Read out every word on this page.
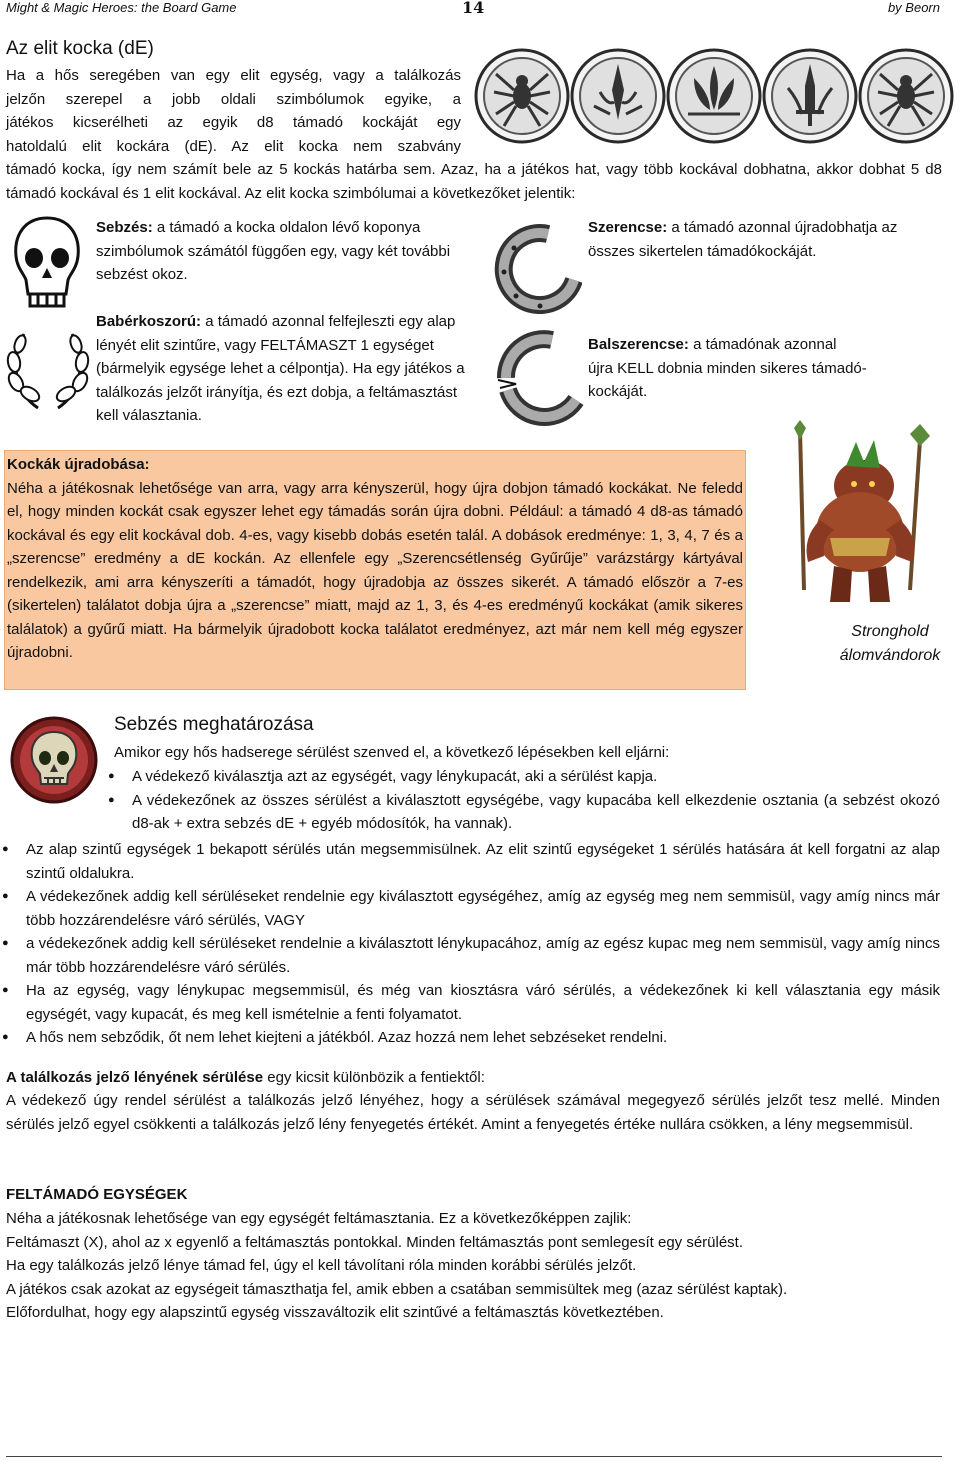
Might & Magic Heroes: the Board Game	14	by Beorn
Az elit kocka (dE)
Ha a hős seregében van egy elit egység, vagy a találkozás
jelzőn szerepel a jobb oldali szimbólumok egyike, a
játékos kicserélheti az egyik d8 támadó kockáját egy
hatoldalú elit kockára (dE). Az elit kocka nem szabvány
támadó kocka, így nem számít bele az 5 kockás határba sem. Azaz, ha a játékos hat, vagy több kockával dobhatna, akkor dobhat 5 d8 támadó kockával és 1 elit kockával. Az elit kocka szimbólumai a következőket jelentik:
Sebzés: a támadó a kocka oldalon lévő koponya szimbólumok számától függően egy, vagy két további sebzést okoz.
Szerencse: a támadó azonnal újradobhatja az összes sikertelen támadókockáját.
Babérkoszorú: a támadó azonnal felfejleszti egy alap lényét elit szintűre, vagy FELTÁMASZT 1 egységet (bármelyik egysége lehet a célpontja). Ha egy játékos a találkozás jelzőt irányítja, és ezt dobja, a feltámasztást kell választania.
Balszerencse: a támadónak azonnal
újra KELL dobnia minden sikeres támadó-
kockáját.
Kockák újradobása:
Néha a játékosnak lehetősége van arra, vagy arra kényszerül, hogy újra dobjon támadó kockákat. Ne feledd el, hogy minden kockát csak egyszer lehet egy támadás során újra dobni. Például: a támadó 4 d8-as támadó kockával és egy elit kockával dob. 4-es, vagy kisebb dobás esetén talál. A dobások eredménye: 1, 3, 4, 7 és a „szerencse” eredmény a dE kockán. Az ellenfele egy „Szerencsétlenség Gyűrűje” varázstárgy kártyával rendelkezik, ami arra kényszeríti a támadót, hogy újradobja az összes sikerét. A támadó először a 7-es (sikertelen) találatot dobja újra a „szerencse” miatt, majd az 1, 3, és 4-es eredményű kockákat (amik sikeres találatok) a gyűrű miatt. Ha bármelyik újradobott kocka találatot eredményez, azt már nem kell még egyszer újradobni.
Stronghold
álomvándorok
Sebzés meghatározása
Amikor egy hős hadserege sérülést szenved el, a következő lépésekben kell eljárni:
● A védekező kiválasztja azt az egységét, vagy lénykupacát, aki a sérülést kapja.
● A védekezőnek az összes sérülést a kiválasztott egységébe, vagy kupacába kell elkezdenie osztania (a sebzést okozó d8-ak + extra sebzés dE + egyéb módosítók, ha vannak).
● Az alap szintű egységek 1 bekapott sérülés után megsemmisülnek. Az elit szintű egységeket 1 sérülés hatására át kell forgatni az alap szintű oldalukra.
● A védekezőnek addig kell sérüléseket rendelnie egy kiválasztott egységéhez, amíg az egység meg nem semmisül, vagy amíg nincs már több hozzárendelésre váró sérülés, VAGY
● a védekezőnek addig kell sérüléseket rendelnie a kiválasztott lénykupacához, amíg az egész kupac meg nem semmisül, vagy amíg nincs már több hozzárendelésre váró sérülés.
● Ha az egység, vagy lénykupac megsemmisül, és még van kiosztásra váró sérülés, a védekezőnek ki kell választania egy másik egységét, vagy kupacát, és meg kell ismételnie a fenti folyamatot.
● A hős nem sebződik, őt nem lehet kiejteni a játékból. Azaz hozzá nem lehet sebzéseket rendelni.
A találkozás jelző lényének sérülése egy kicsit különbözik a fentiektől:
A védekező úgy rendel sérülést a találkozás jelző lényéhez, hogy a sérülések számával megegyező sérülés jelzőt tesz mellé. Minden sérülés jelző egyel csökkenti a találkozás jelző lény fenyegetés értékét. Amint a fenyegetés értéke nullára csökken, a lény megsemmisül.
FELTÁMADÓ EGYSÉGEK
Néha a játékosnak lehetősége van egy egységét feltámasztania. Ez a következőképpen zajlik:
Feltámaszt (X), ahol az x egyenlő a feltámasztás pontokkal. Minden feltámasztás pont semlegesít egy sérülést.
Ha egy találkozás jelző lénye támad fel, úgy el kell távolítani róla minden korábbi sérülés jelzőt.
A játékos csak azokat az egységeit támaszthatja fel, amik ebben a csatában semmisültek meg (azaz sérülést kaptak).
Előfordulhat, hogy egy alapszintű egység visszaváltozik elit szintűvé a feltámasztás következtében.
